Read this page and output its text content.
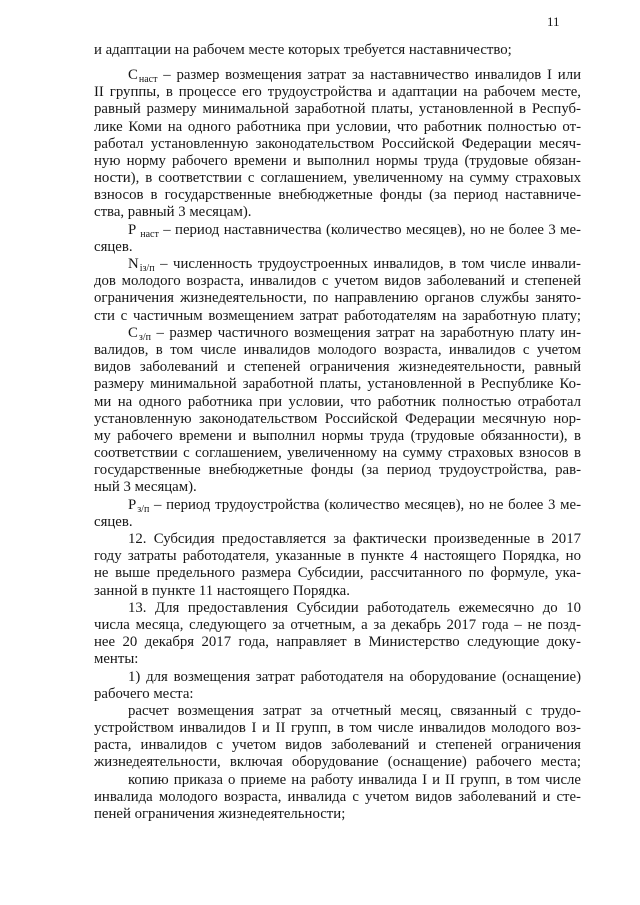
11
и адаптации на рабочем месте которых требуется наставничество;
$С_{наст}$ – размер возмещения затрат за наставничество инвалидов I или
II группы, в процессе его трудоустройства и адаптации на рабочем месте,
равный размеру минимальной заработной платы, установленной в Респуб-
лике Коми на одного работника при условии, что работник полностью от-
работал установленную законодательством Российской Федерации месяч-
ную норму рабочего времени и выполнил нормы труда (трудовые обязан-
ности), в соответствии с соглашением, увеличенному на сумму страховых
взносов в государственные внебюджетные фонды (за период наставниче-
ства, равный 3 месяцам).
Р $_{наст}$ – период наставничества (количество месяцев), но не более 3 ме-
сяцев.
$N_{iз/п}$ – численность трудоустроенных инвалидов, в том числе инвали-
дов молодого возраста, инвалидов с учетом видов заболеваний и степеней
ограничения жизнедеятельности, по направлению органов службы занято-
сти с частичным возмещением затрат работодателям на заработную плату;
$С_{з/п}$ – размер частичного возмещения затрат на заработную плату ин-
валидов, в том числе инвалидов молодого возраста, инвалидов с учетом
видов заболеваний и степеней ограничения жизнедеятельности, равный
размеру минимальной заработной платы, установленной в Республике Ко-
ми на одного работника при условии, что работник полностью отработал
установленную законодательством Российской Федерации месячную нор-
му рабочего времени и выполнил нормы труда (трудовые обязанности), в
соответствии с соглашением, увеличенному на сумму страховых взносов в
государственные внебюджетные фонды (за период трудоустройства, рав-
ный 3 месяцам).
$Р_{з/п}$ – период трудоустройства (количество месяцев), но не более 3 ме-
сяцев.
12. Субсидия предоставляется за фактически произведенные в 2017
году затраты работодателя, указанные в пункте 4 настоящего Порядка, но
не выше предельного размера Субсидии, рассчитанного по формуле, ука-
занной в пункте 11 настоящего Порядка.
13. Для предоставления Субсидии работодатель ежемесячно до 10
числа месяца, следующего за отчетным, а за декабрь 2017 года – не позд-
нее 20 декабря 2017 года, направляет в Министерство следующие доку-
менты:
1) для возмещения затрат работодателя на оборудование (оснащение)
рабочего места:
расчет возмещения затрат за отчетный месяц, связанный с трудо-
устройством инвалидов I и II групп, в том числе инвалидов молодого воз-
раста, инвалидов с учетом видов заболеваний и степеней ограничения
жизнедеятельности, включая оборудование (оснащение) рабочего места;
копию приказа о приеме на работу инвалида I и II групп, в том числе
инвалида молодого возраста, инвалида с учетом видов заболеваний и сте-
пеней ограничения жизнедеятельности;
